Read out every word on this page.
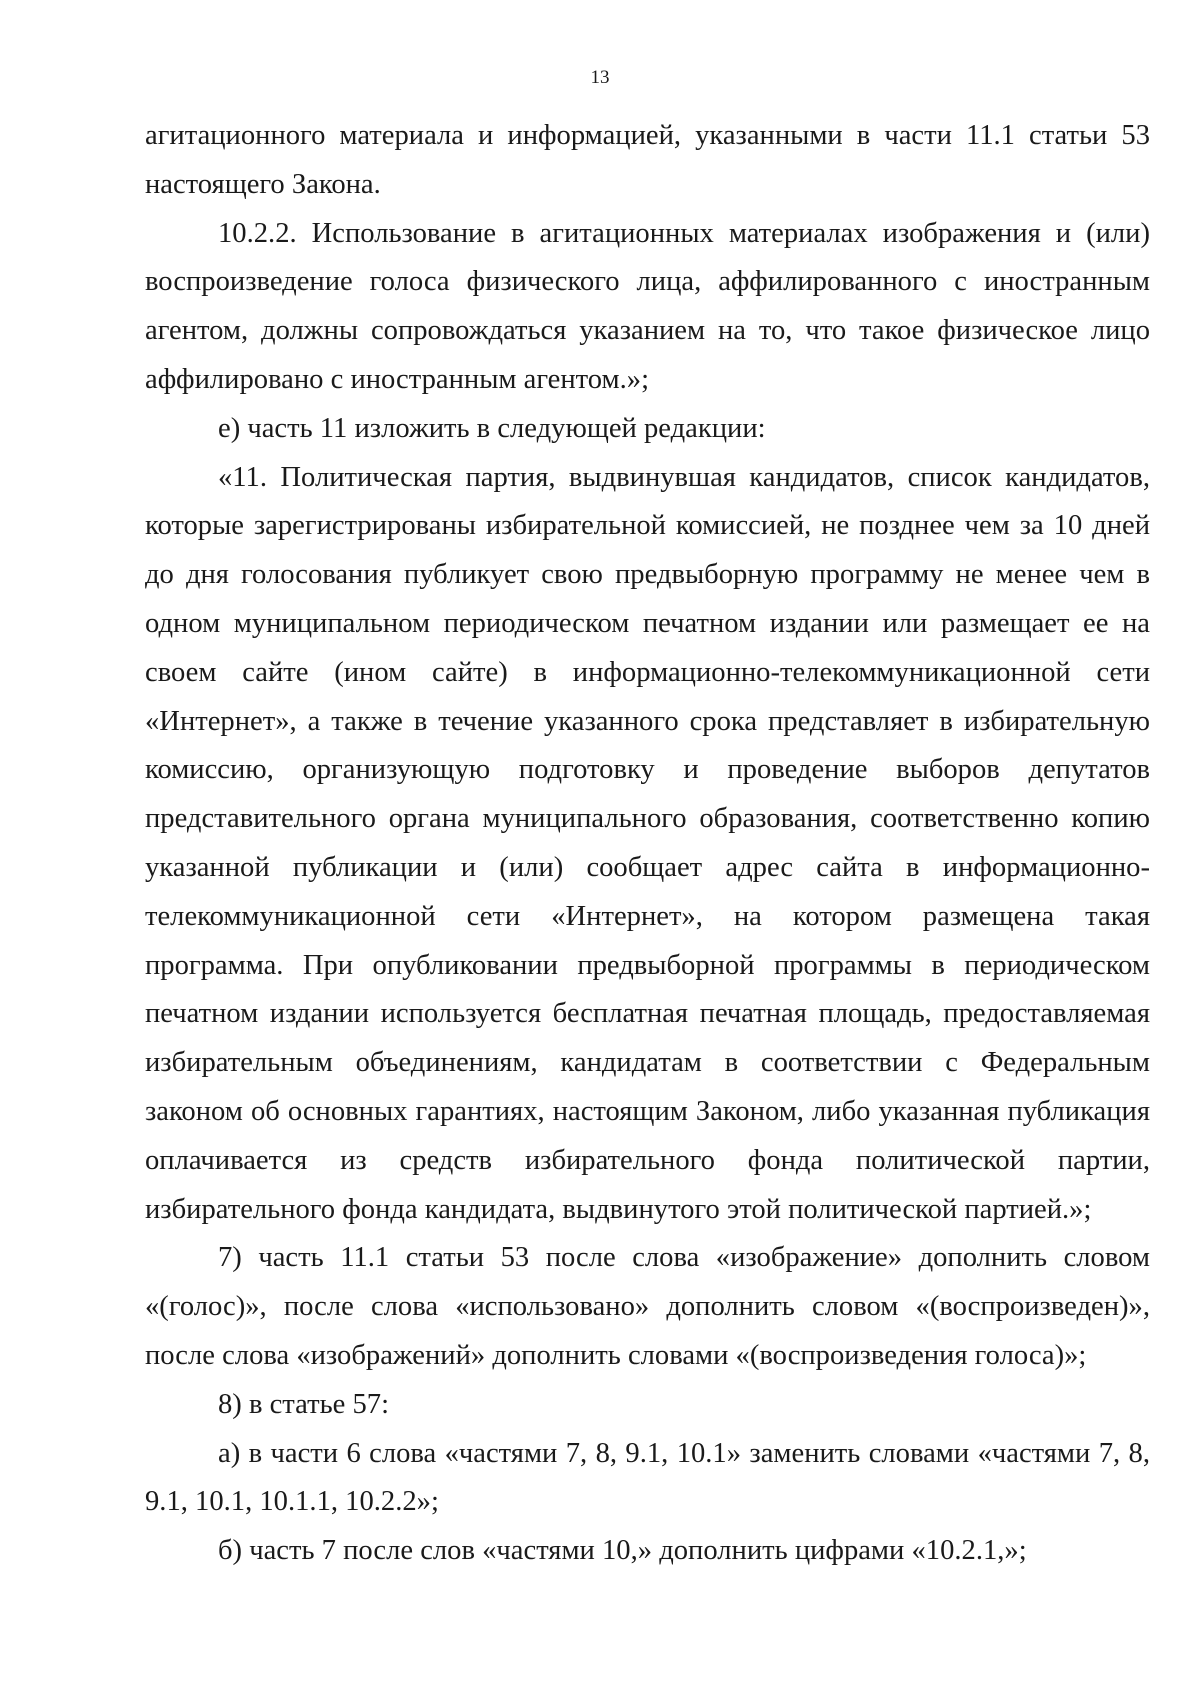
13

агитационного материала и информацией, указанными в части 11.1 статьи 53 настоящего Закона.

10.2.2. Использование в агитационных материалах изображения и (или) воспроизведение голоса физического лица, аффилированного с иностранным агентом, должны сопровождаться указанием на то, что такое физическое лицо аффилировано с иностранным агентом.»;

е) часть 11 изложить в следующей редакции:

«11. Политическая партия, выдвинувшая кандидатов, список кандидатов, которые зарегистрированы избирательной комиссией, не позднее чем за 10 дней до дня голосования публикует свою предвыборную программу не менее чем в одном муниципальном периодическом печатном издании или размещает ее на своем сайте (ином сайте) в информационно-телекоммуникационной сети «Интернет», а также в течение указанного срока представляет в избирательную комиссию, организующую подготовку и проведение выборов депутатов представительного органа муниципального образования, соответственно копию указанной публикации и (или) сообщает адрес сайта в информационно-телекоммуникационной сети «Интернет», на котором размещена такая программа. При опубликовании предвыборной программы в периодическом печатном издании используется бесплатная печатная площадь, предоставляемая избирательным объединениям, кандидатам в соответствии с Федеральным законом об основных гарантиях, настоящим Законом, либо указанная публикация оплачивается из средств избирательного фонда политической партии, избирательного фонда кандидата, выдвинутого этой политической партией.»;

7) часть 11.1 статьи 53 после слова «изображение» дополнить словом «(голос)», после слова «использовано» дополнить словом «(воспроизведен)», после слова «изображений» дополнить словами «(воспроизведения голоса)»;

8) в статье 57:

а) в части 6 слова «частями 7, 8, 9.1, 10.1» заменить словами «частями 7, 8, 9.1, 10.1, 10.1.1, 10.2.2»;

б) часть 7 после слов «частями 10,» дополнить цифрами «10.2.1,»;
